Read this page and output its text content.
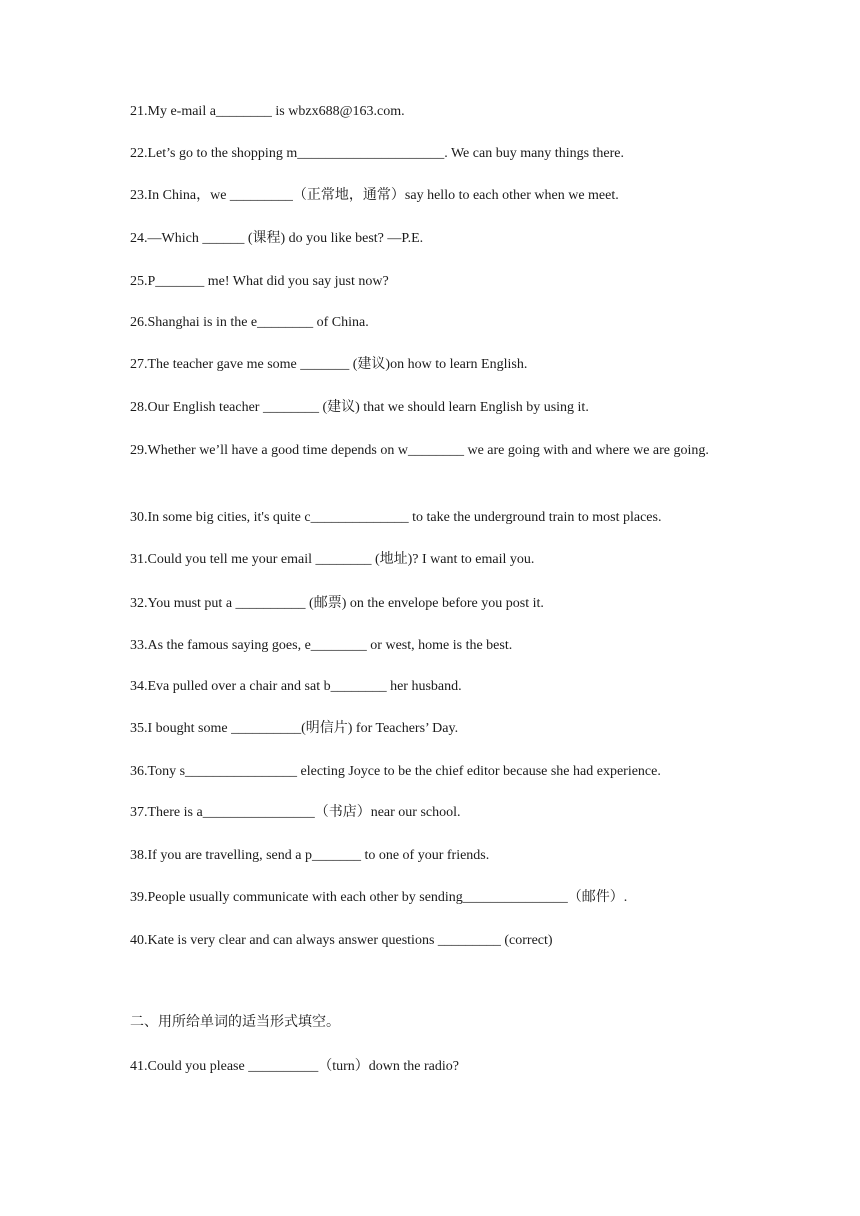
21.My e-mail a________ is wbzx688@163.com.

22.Let’s go to the shopping m_____________________. We can buy many things there.

23.In China，we _________（正常地，通常）say hello to each other when we meet.

24.—Which ______ (课程) do you like best? —P.E.

25.P_______ me! What did you say just now?

26.Shanghai is in the e________ of China.

27.The teacher gave me some _______ (建议)on how to learn English.

28.Our English teacher ________ (建议) that we should learn English by using it.

29.Whether we’ll have a good time depends on w________ we are going with and where we are going.

30.In some big cities, it's quite c______________ to take the underground train to most places.

31.Could you tell me your email ________ (地址)? I want to email you.

32.You must put a __________ (邮票) on the envelope before you post it.

33.As the famous saying goes, e________ or west, home is the best.

34.Eva pulled over a chair and sat b________ her husband.

35.I bought some __________(明信片) for Teachers’ Day.

36.Tony s________________ electing Joyce to be the chief editor because she had experience.

37.There is a________________（书店）near our school.

38.If you are travelling, send a p_______ to one of your friends.

39.People usually communicate with each other by sending_______________（邮件）.

40.Kate is very clear and can always answer questions _________ (correct)

二、用所给单词的适当形式填空。

41.Could you please __________（turn）down the radio?
